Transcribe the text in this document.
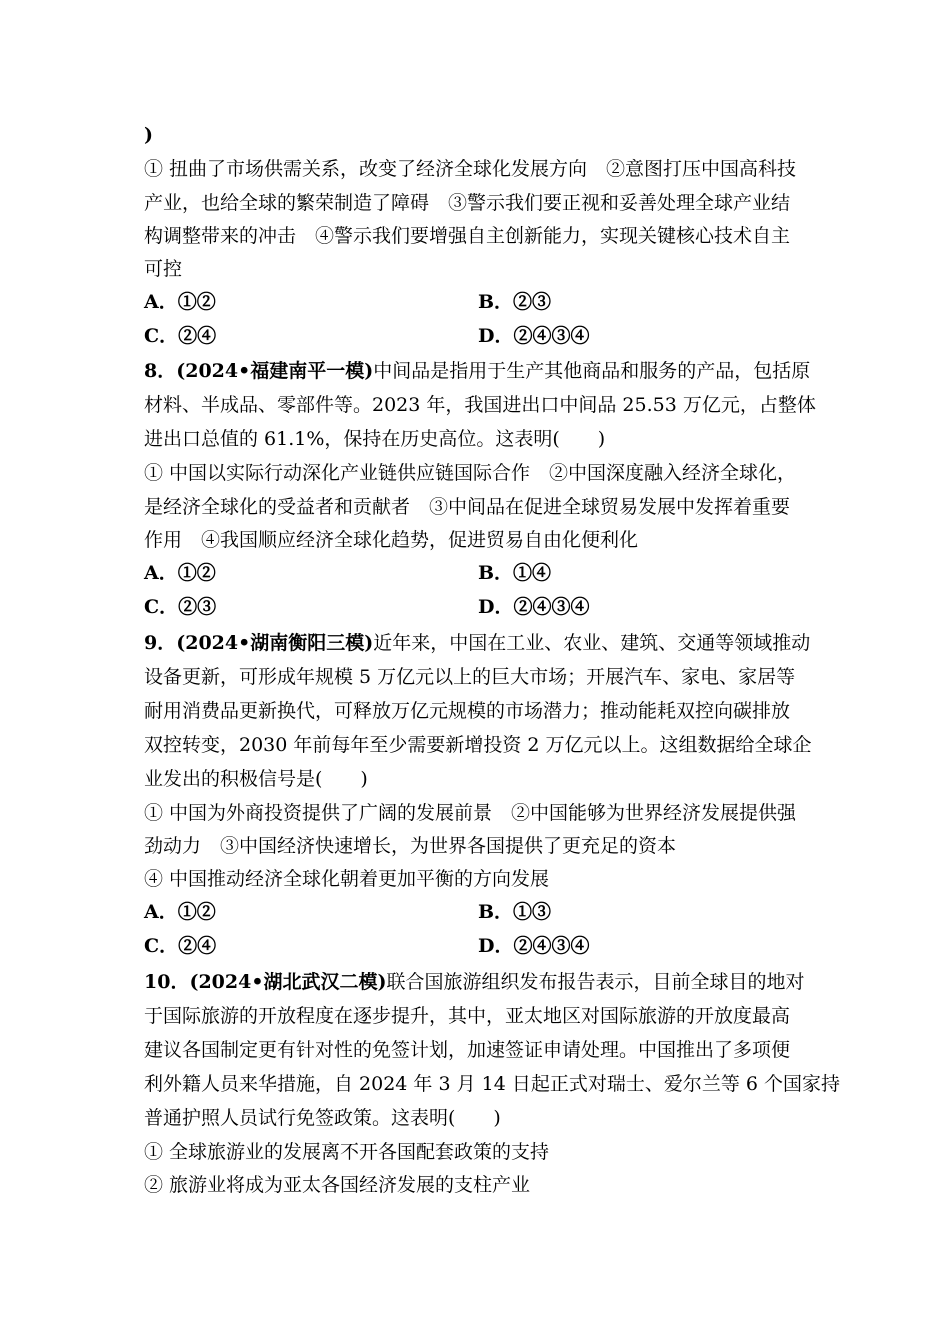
)
① 扭曲了市场供需关系，改变了经济全球化发展方向　②意图打压中国高科技
产业，也给全球的繁荣制造了障碍　③警示我们要正视和妥善处理全球产业结
构调整带来的冲击　④警示我们要增强自主创新能力，实现关键核心技术自主
可控
A．①②	B．②③
C．②④	D．②④③④
8．(2024•福建南平一模)中间品是指用于生产其他商品和服务的产品，包括原
材料、半成品、零部件等。2023 年，我国进出口中间品 25.53 万亿元，占整体
进出口总值的 61.1%，保持在历史高位。这表明(　　)
① 中国以实际行动深化产业链供应链国际合作　②中国深度融入经济全球化，
是经济全球化的受益者和贡献者　③中间品在促进全球贸易发展中发挥着重要
作用　④我国顺应经济全球化趋势，促进贸易自由化便利化
A．①②	B．①④
C．②③	D．②④③④
9．(2024•湖南衡阳三模)近年来，中国在工业、农业、建筑、交通等领域推动
设备更新，可形成年规模 5 万亿元以上的巨大市场；开展汽车、家电、家居等
耐用消费品更新换代，可释放万亿元规模的市场潜力；推动能耗双控向碳排放
双控转变，2030 年前每年至少需要新增投资 2 万亿元以上。这组数据给全球企
业发出的积极信号是(　　)
① 中国为外商投资提供了广阔的发展前景　②中国能够为世界经济发展提供强
劲动力　③中国经济快速增长，为世界各国提供了更充足的资本
④ 中国推动经济全球化朝着更加平衡的方向发展
A．①②	B．①③
C．②④	D．②④③④
10．(2024•湖北武汉二模)联合国旅游组织发布报告表示，目前全球目的地对
于国际旅游的开放程度在逐步提升，其中，亚太地区对国际旅游的开放度最高
建议各国制定更有针对性的免签计划，加速签证申请处理。中国推出了多项便
利外籍人员来华措施，自 2024 年 3 月 14 日起正式对瑞士、爱尔兰等 6 个国家持
普通护照人员试行免签政策。这表明(　　)
① 全球旅游业的发展离不开各国配套政策的支持
② 旅游业将成为亚太各国经济发展的支柱产业
